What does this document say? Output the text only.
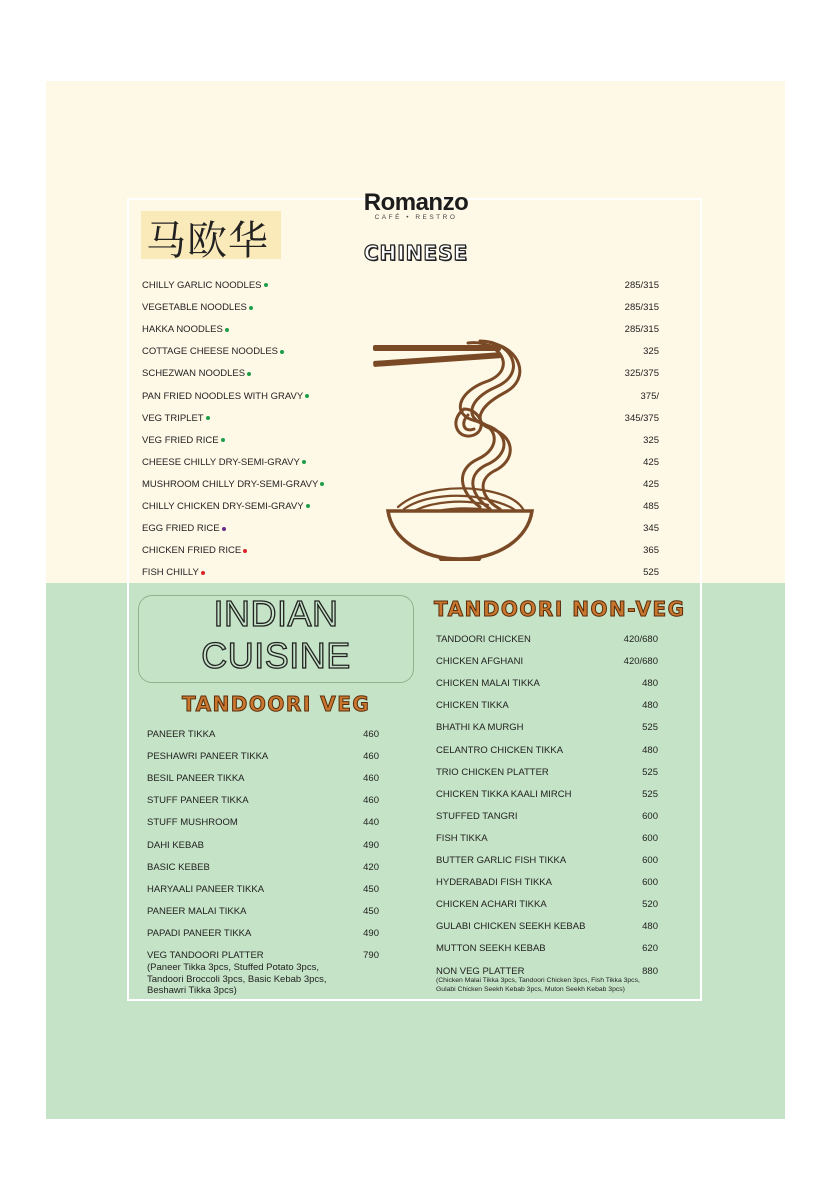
马欧华
Romanzo
CAFÉ • RESTRO
CHINESE
CHILLY GARLIC NOODLES	285/315
VEGETABLE NOODLES	285/315
HAKKA NOODLES	285/315
COTTAGE CHEESE NOODLES	325
SCHEZWAN NOODLES	325/375
PAN FRIED NOODLES WITH GRAVY	375/
VEG TRIPLET	345/375
VEG FRIED RICE	325
CHEESE CHILLY DRY-SEMI-GRAVY	425
MUSHROOM CHILLY DRY-SEMI-GRAVY	425
CHILLY CHICKEN DRY-SEMI-GRAVY	485
EGG FRIED RICE	345
CHICKEN FRIED RICE	365
FISH CHILLY	525
INDIAN
CUISINE
TANDOORI VEG
TANDOORI NON-VEG
PANEER TIKKA	460
PESHAWRI PANEER TIKKA	460
BESIL PANEER TIKKA	460
STUFF PANEER TIKKA	460
STUFF MUSHROOM	440
DAHI KEBAB	490
BASIC KEBEB	420
HARYAALI PANEER TIKKA	450
PANEER MALAI TIKKA	450
PAPADI PANEER TIKKA	490
VEG TANDOORI PLATTER	790
(Paneer Tikka 3pcs, Stuffed Potato 3pcs,
Tandoori Broccoli 3pcs, Basic Kebab 3pcs,
Beshawri Tikka 3pcs)
TANDOORI CHICKEN	420/680
CHICKEN AFGHANI	420/680
CHICKEN MALAI TIKKA	480
CHICKEN TIKKA	480
BHATHI KA MURGH	525
CELANTRO CHICKEN TIKKA	480
TRIO CHICKEN PLATTER	525
CHICKEN TIKKA KAALI MIRCH	525
STUFFED TANGRI	600
FISH TIKKA	600
BUTTER GARLIC FISH TIKKA	600
HYDERABADI FISH TIKKA	600
CHICKEN ACHARI TIKKA	520
GULABI CHICKEN SEEKH KEBAB	480
MUTTON SEEKH KEBAB	620
NON VEG PLATTER	880
(Chicken Malai Tikka 3pcs, Tandoori Chicken 3pcs, Fish Tikka 3pcs,
Gulabi Chicken Seekh Kebab 3pcs, Muton Seekh Kebab 3pcs)
